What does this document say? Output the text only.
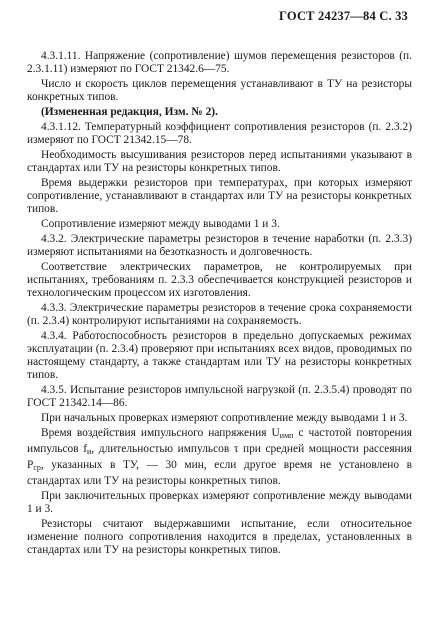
ГОСТ 24237—84 С. 33

4.3.1.11. Напряжение (сопротивление) шумов перемещения резисторов (п. 2.3.1.11) измеряют по ГОСТ 21342.6—75.

Число и скорость циклов перемещения устанавливают в ТУ на резисторы конкретных типов.

(Измененная редакция, Изм. № 2).

4.3.1.12. Температурный коэффициент сопротивления резисторов (п. 2.3.2) измеряют по ГОСТ 21342.15—78.

Необходимость высушивания резисторов перед испытаниями указывают в стандартах или ТУ на резисторы конкретных типов.

Время выдержки резисторов при температурах, при которых измеряют сопротивление, устанавливают в стандартах или ТУ на резисторы конкретных типов.

Сопротивление измеряют между выводами 1 и 3.

4.3.2. Электрические параметры резисторов в течение наработки (п. 2.3.3) измеряют испытаниями на безотказность и долговечность.

Соответствие электрических параметров, не контролируемых при испытаниях, требованиям п. 2.3.3 обеспечивается конструкцией резисторов и технологическим процессом их изготовления.

4.3.3. Электрические параметры резисторов в течение срока сохраняемости (п. 2.3.4) контролируют испытаниями на сохраняемость.

4.3.4. Работоспособность резисторов в предельно допускаемых режимах эксплуатации (п. 2.3.4) проверяют при испытаниях всех видов, проводимых по настоящему стандарту, а также стандартам или ТУ на резисторы конкретных типов.

4.3.5. Испытание резисторов импульсной нагрузкой (п. 2.3.5.4) проводят по ГОСТ 21342.14—86.

При начальных проверках измеряют сопротивление между выводами 1 и 3.

Время воздействия импульсного напряжения $U_{имп}$ с частотой повторения импульсов $f_и$, длительностью импульсов τ при средней мощности рассеяния $P_{ср}$, указанных в ТУ, — 30 мин, если другое время не установлено в стандартах или ТУ на резисторы конкретных типов.

При заключительных проверках измеряют сопротивление между выводами 1 и 3.

Резисторы считают выдержавшими испытание, если относительное изменение полного сопротивления находится в пределах, установленных в стандартах или ТУ на резисторы конкретных типов.
